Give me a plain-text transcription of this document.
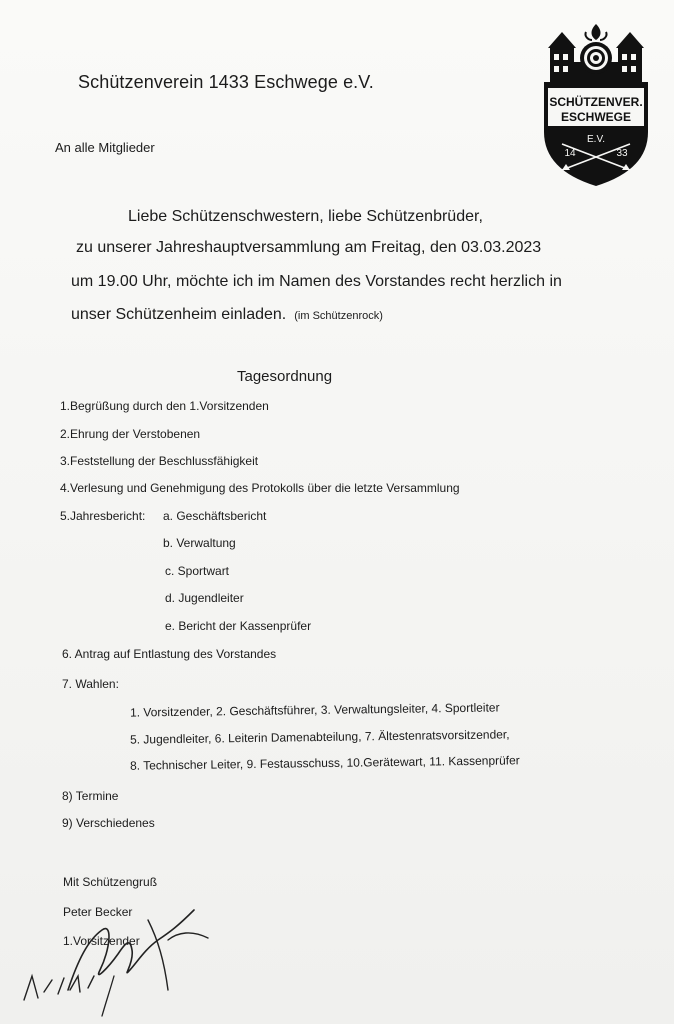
Schützenverein 1433 Eschwege e.V.
SCHÜTZENVER.
ESCHWEGE
E.V.
14	33
An alle Mitglieder
Liebe Schützenschwestern, liebe Schützenbrüder,
zu unserer Jahreshauptversammlung am Freitag, den 03.03.2023
um 19.00 Uhr, möchte ich im Namen des Vorstandes recht herzlich in
unser Schützenheim einladen. (im Schützenrock)
Tagesordnung
1.Begrüßung durch den 1.Vorsitzenden
2.Ehrung der Verstobenen
3.Feststellung der Beschlussfähigkeit
4.Verlesung und Genehmigung des Protokolls über die letzte Versammlung
5.Jahresbericht: a. Geschäftsbericht
b. Verwaltung
c. Sportwart
d. Jugendleiter
e. Bericht der Kassenprüfer
6. Antrag auf Entlastung des Vorstandes
7. Wahlen:
1. Vorsitzender, 2. Geschäftsführer, 3. Verwaltungsleiter, 4. Sportleiter
5. Jugendleiter, 6. Leiterin Damenabteilung, 7. Ältestenratsvorsitzender,
8. Technischer Leiter, 9. Festausschuss, 10.Gerätewart, 11. Kassenprüfer
8) Termine
9) Verschiedenes
Mit Schützengruß
Peter Becker
1.Vorsitzender
